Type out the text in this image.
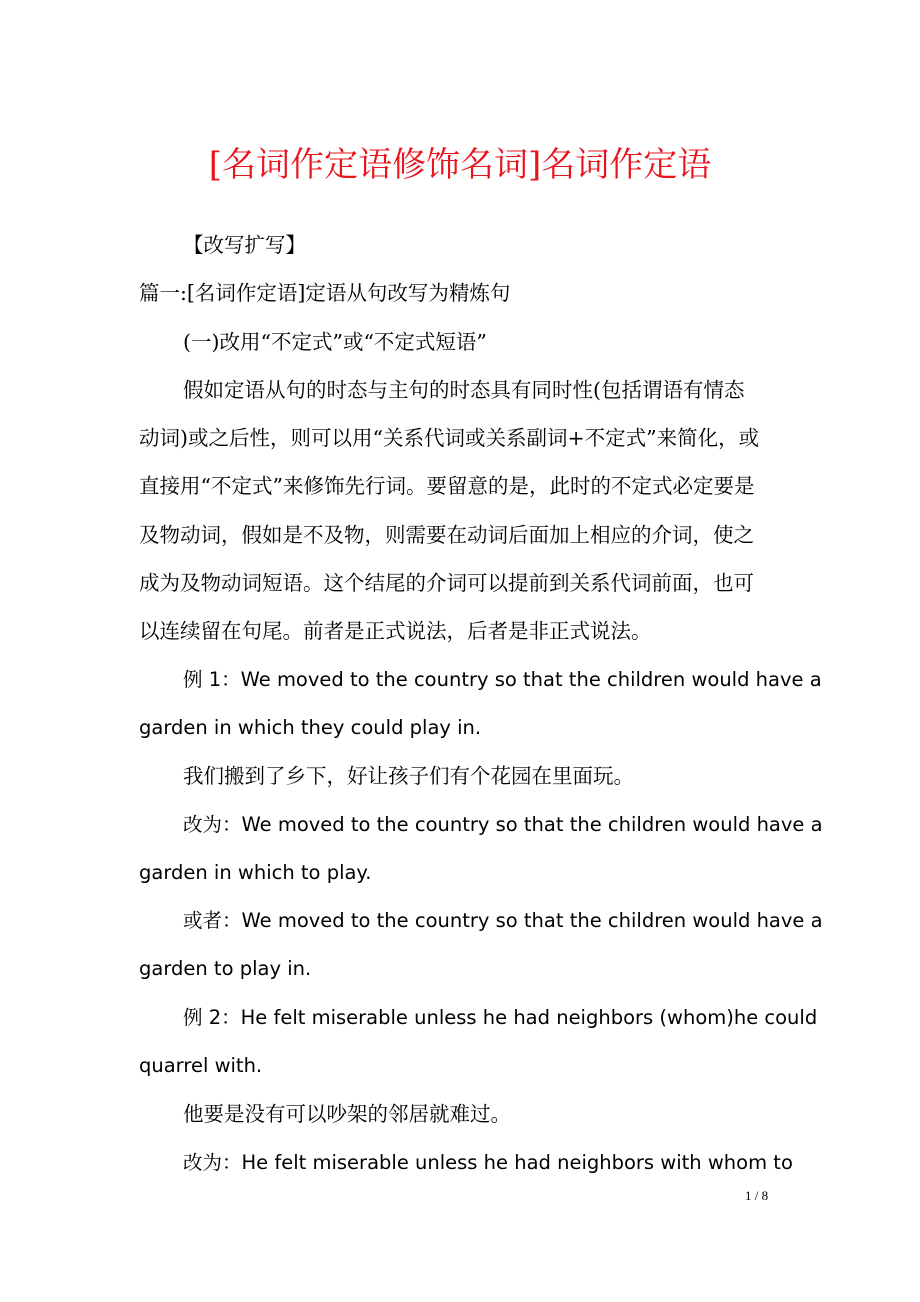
[名词作定语修饰名词]名词作定语
【改写扩写】
篇一:[名词作定语]定语从句改写为精炼句
(一)改用“不定式”或“不定式短语”
假如定语从句的时态与主句的时态具有同时性(包括谓语有情态
动词)或之后性，则可以用“关系代词或关系副词+不定式”来简化，或
直接用“不定式”来修饰先行词。要留意的是，此时的不定式必定要是
及物动词，假如是不及物，则需要在动词后面加上相应的介词，使之
成为及物动词短语。这个结尾的介词可以提前到关系代词前面，也可
以连续留在句尾。前者是正式说法，后者是非正式说法。
例 1：We moved to the country so that the children would have a
garden in which they could play in.
我们搬到了乡下，好让孩子们有个花园在里面玩。
改为：We moved to the country so that the children would have a
garden in which to play.
或者：We moved to the country so that the children would have a
garden to play in.
例 2：He felt miserable unless he had neighbors (whom)he could
quarrel with.
他要是没有可以吵架的邻居就难过。
改为：He felt miserable unless he had neighbors with whom to
1 / 8
